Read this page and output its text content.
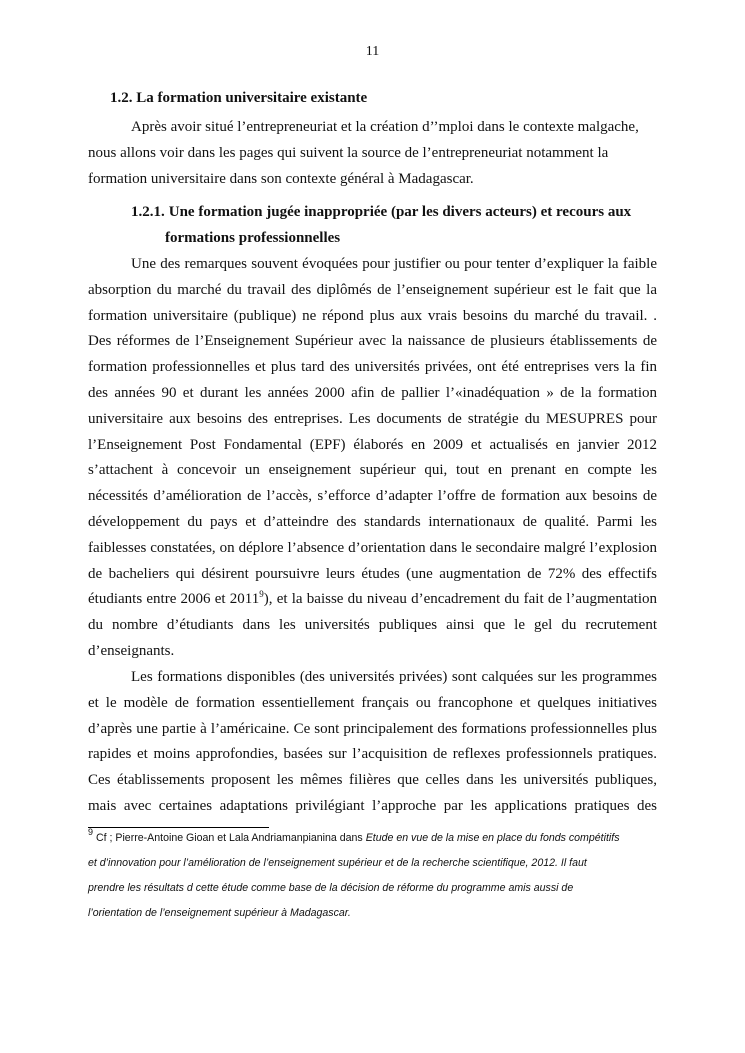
11
1.2. La formation universitaire existante
Après avoir situé l’entrepreneuriat et la création d’’mploi dans le contexte malgache,
nous allons voir dans les pages qui suivent la source de l’entrepreneuriat notamment la
formation universitaire dans son contexte général à Madagascar.
1.2.1. Une formation jugée inappropriée (par les divers acteurs) et recours aux
formations professionnelles
Une des remarques souvent évoquées pour justifier ou pour tenter d’expliquer la faible
absorption du marché du travail des diplômés de l’enseignement supérieur est le fait que la
formation universitaire (publique) ne répond plus aux vrais besoins du marché du travail. .
Des réformes de l’Enseignement Supérieur avec la naissance de plusieurs établissements de
formation professionnelles et plus tard des universités privées, ont été entreprises vers la fin
des années 90 et durant les années 2000 afin de pallier l’«inadéquation » de la formation
universitaire aux besoins des entreprises. Les documents de stratégie du MESUPRES pour
l’Enseignement Post Fondamental (EPF) élaborés en 2009 et actualisés en janvier 2012
s’attachent à concevoir un enseignement supérieur qui, tout en prenant en compte les
nécessités d’amélioration de l’accès, s’efforce d’adapter l’offre de formation aux besoins de
développement du pays et d’atteindre des standards internationaux de qualité. Parmi les
faiblesses constatées, on déplore l’absence d’orientation dans le secondaire malgré l’explosion
de bacheliers qui désirent poursuivre leurs études (une augmentation de 72% des effectifs
étudiants entre 2006 et 2011$^9$), et la baisse du niveau d’encadrement du fait de l’augmentation
du nombre d’étudiants dans les universités publiques ainsi que le gel du recrutement
d’enseignants.
Les formations disponibles (des universités privées) sont calquées sur les programmes
et le modèle de formation essentiellement français ou francophone et quelques initiatives
d’après une partie à l’américaine. Ce sont principalement des formations professionnelles plus
rapides et moins approfondies, basées sur l’acquisition de reflexes professionnels pratiques.
Ces établissements proposent les mêmes filières que celles dans les universités publiques,
mais avec certaines adaptations privilégiant l’approche par les applications pratiques des
$^9$ Cf ; Pierre-Antoine Gioan et Lala Andriamanpianina dans Etude en vue de la mise en place du fonds compétitifs
et d’innovation pour l’amélioration de l’enseignement supérieur et de la recherche scientifique, 2012. Il faut
prendre les résultats d cette étude comme base de la décision de réforme du programme amis aussi de
l’orientation de l’enseignement supérieur à Madagascar.
